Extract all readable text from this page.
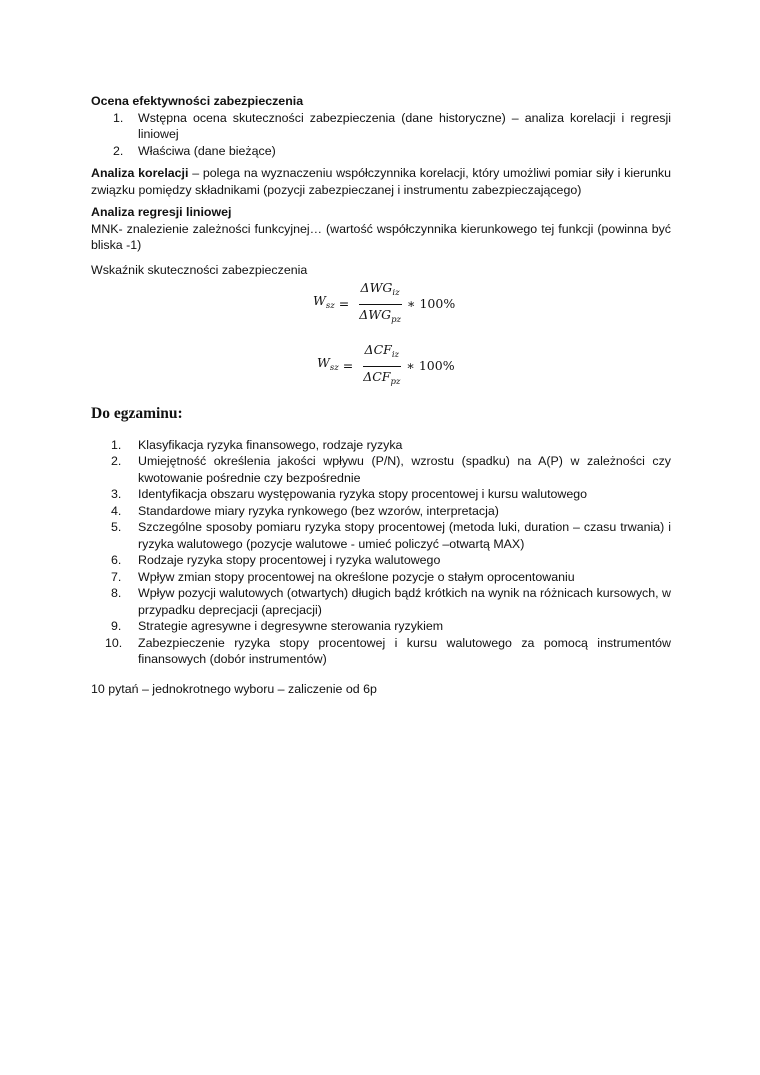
Ocena efektywności zabezpieczenia
1. Wstępna ocena skuteczności zabezpieczenia (dane historyczne) – analiza korelacji i regresji liniowej
2. Właściwa (dane bieżące)

Analiza korelacji – polega na wyznaczeniu współczynnika korelacji, który umożliwi pomiar siły i kierunku związku pomiędzy składnikami (pozycji zabezpieczanej i instrumentu zabezpieczającego)

Analiza regresji liniowej
MNK- znalezienie zależności funkcyjnej… (wartość współczynnika kierunkowego tej funkcji (powinna być bliska -1)
Wskaźnik skuteczności zabezpieczenia
$W_{sz} = \frac{\Delta WG_{iz}}{\Delta WG_{pz}}$ ∗ 100%
$W_{sz} = \frac{\Delta CF_{iz}}{\Delta CF_{pz}}$ ∗ 100%
Do egzaminu:
1. Klasyfikacja ryzyka finansowego, rodzaje ryzyka
2. Umiejętność określenia jakości wpływu (P/N), wzrostu (spadku) na A(P) w zależności czy kwotowanie pośrednie czy bezpośrednie
3. Identyfikacja obszaru występowania ryzyka stopy procentowej i kursu walutowego
4. Standardowe miary ryzyka rynkowego (bez wzorów, interpretacja)
5. Szczególne sposoby pomiaru ryzyka stopy procentowej (metoda luki, duration – czasu trwania) i ryzyka walutowego (pozycje walutowe - umieć policzyć –otwartą MAX)
6. Rodzaje ryzyka stopy procentowej i ryzyka walutowego
7. Wpływ zmian stopy procentowej na określone pozycje o stałym oprocentowaniu
8. Wpływ pozycji walutowych (otwartych) długich bądź krótkich na wynik na różnicach kursowych, w przypadku deprecjacji (aprecjacji)
9. Strategie agresywne i degresywne sterowania ryzykiem
10. Zabezpieczenie ryzyka stopy procentowej i kursu walutowego za pomocą instrumentów finansowych (dobór instrumentów)
10 pytań – jednokrotnego wyboru – zaliczenie od 6p
